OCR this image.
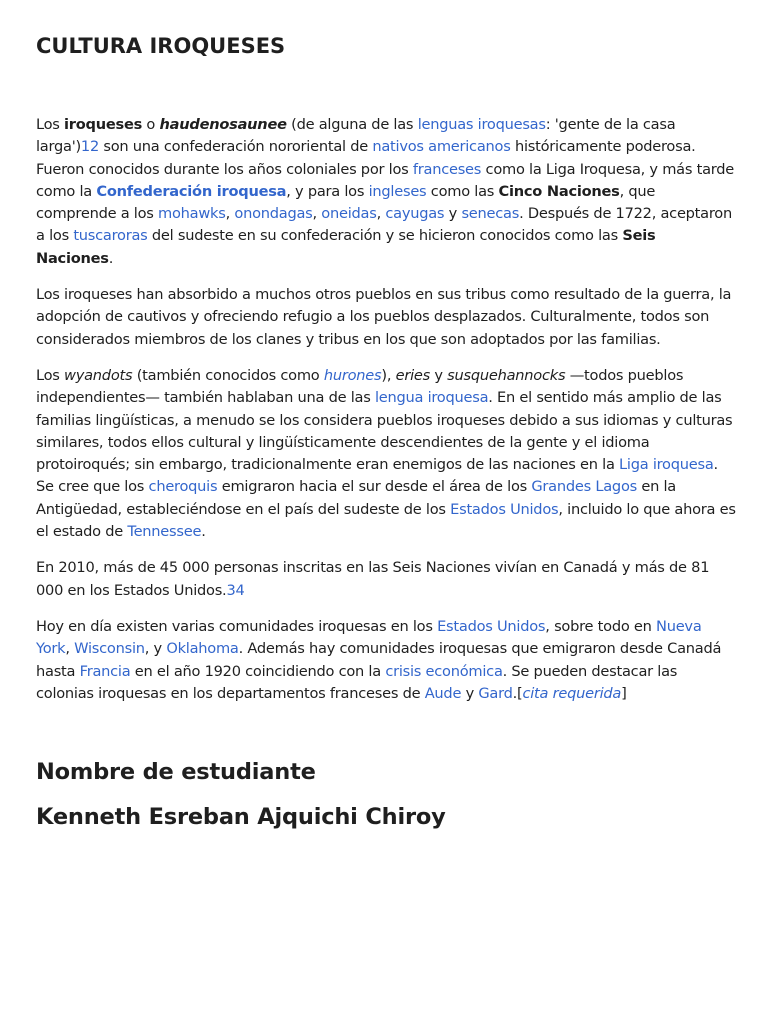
CULTURA IROQUESES

Los iroqueses o haudenosaunee (de alguna de las lenguas iroquesas: 'gente de la casa larga')12 son una confederación nororiental de nativos americanos históricamente poderosa. Fueron conocidos durante los años coloniales por los franceses como la Liga Iroquesa, y más tarde como la Confederación iroquesa, y para los ingleses como las Cinco Naciones, que comprende a los mohawks, onondagas, oneidas, cayugas y senecas. Después de 1722, aceptaron a los tuscaroras del sudeste en su confederación y se hicieron conocidos como las Seis Naciones.

Los iroqueses han absorbido a muchos otros pueblos en sus tribus como resultado de la guerra, la adopción de cautivos y ofreciendo refugio a los pueblos desplazados. Culturalmente, todos son considerados miembros de los clanes y tribus en los que son adoptados por las familias.

Los wyandots (también conocidos como hurones), eries y susquehannocks —todos pueblos independientes— también hablaban una de las lengua iroquesa. En el sentido más amplio de las familias lingüísticas, a menudo se los considera pueblos iroqueses debido a sus idiomas y culturas similares, todos ellos cultural y lingüísticamente descendientes de la gente y el idioma protoiroqués; sin embargo, tradicionalmente eran enemigos de las naciones en la Liga iroquesa. Se cree que los cheroquis emigraron hacia el sur desde el área de los Grandes Lagos en la Antigüedad, estableciéndose en el país del sudeste de los Estados Unidos, incluido lo que ahora es el estado de Tennessee.

En 2010, más de 45 000 personas inscritas en las Seis Naciones vivían en Canadá y más de 81 000 en los Estados Unidos.34

Hoy en día existen varias comunidades iroquesas en los Estados Unidos, sobre todo en Nueva York, Wisconsin, y Oklahoma. Además hay comunidades iroquesas que emigraron desde Canadá hasta Francia en el año 1920 coincidiendo con la crisis económica. Se pueden destacar las colonias iroquesas en los departamentos franceses de Aude y Gard.[cita requerida]

Nombre de estudiante
Kenneth Esreban Ajquichi Chiroy
